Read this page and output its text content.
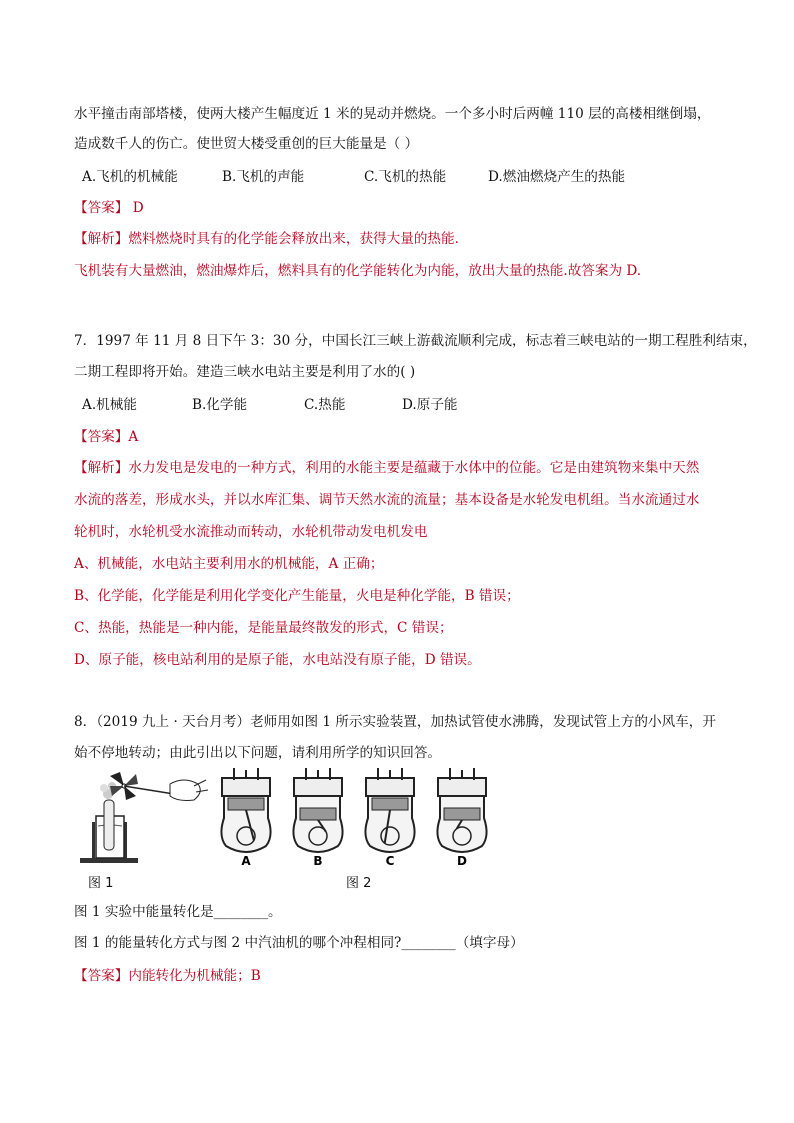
水平撞击南部塔楼，使两大楼产生幅度近 1 米的晃动并燃烧。一个多小时后两幢 110 层的高楼相继倒塌，
造成数千人的伤亡。使世贸大楼受重创的巨大能量是（ ）
A.飞机的机械能	B.飞机的声能	C.飞机的热能	D.燃油燃烧产生的热能
【答案】 D
【解析】燃料燃烧时具有的化学能会释放出来，获得大量的热能.
飞机装有大量燃油，燃油爆炸后，燃料具有的化学能转化为内能，放出大量的热能.故答案为 D.
7．1997 年 11 月 8 日下午 3：30 分，中国长江三峡上游截流顺利完成，标志着三峡电站的一期工程胜利结束，
二期工程即将开始。建造三峡水电站主要是利用了水的( )
A.机械能	B.化学能	C.热能	D.原子能
【答案】A
【解析】水力发电是发电的一种方式，利用的水能主要是蕴藏于水体中的位能。它是由建筑物来集中天然
水流的落差，形成水头，并以水库汇集、调节天然水流的流量；基本设备是水轮发电机组。当水流通过水
轮机时，水轮机受水流推动而转动，水轮机带动发电机发电
A、机械能，水电站主要利用水的机械能，A 正确；
B、化学能，化学能是利用化学变化产生能量，火电是种化学能，B 错误；
C、热能，热能是一种内能，是能量最终散发的形式，C 错误；
D、原子能，核电站利用的是原子能，水电站没有原子能，D 错误。
8．（2019 九上 · 天台月考）老师用如图 1 所示实验装置，加热试管使水沸腾，发现试管上方的小风车，开
始不停地转动；由此引出以下问题，请利用所学的知识回答。
图 1
A	B	C	D
图 2
图 1 实验中能量转化是________。
图 1 的能量转化方式与图 2 中汽油机的哪个冲程相同?________（填字母）
【答案】内能转化为机械能；B
